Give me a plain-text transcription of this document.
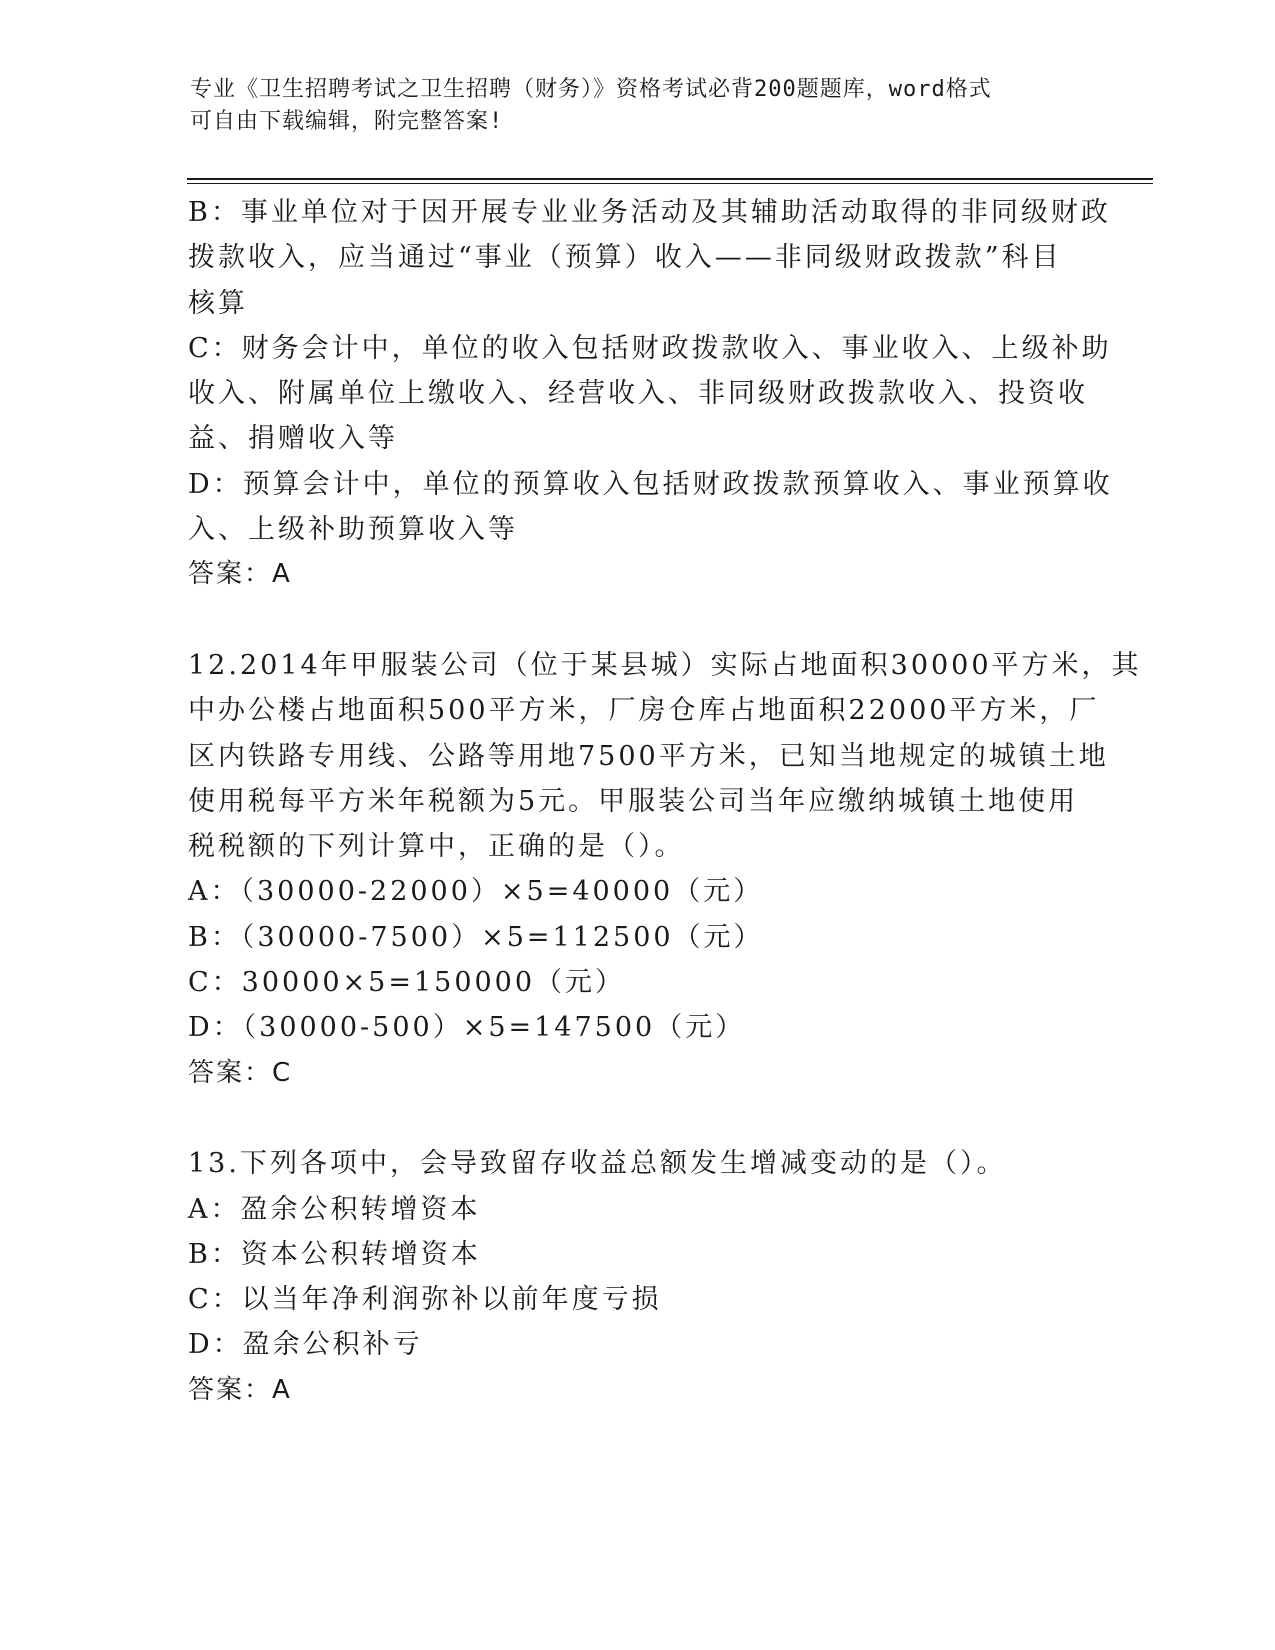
专业《卫生招聘考试之卫生招聘（财务）》资格考试必背200题题库，word格式
可自由下载编辑，附完整答案!
B：事业单位对于因开展专业业务活动及其辅助活动取得的非同级财政
拨款收入，应当通过“事业（预算）收入——非同级财政拨款”科目
核算
C：财务会计中，单位的收入包括财政拨款收入、事业收入、上级补助
收入、附属单位上缴收入、经营收入、非同级财政拨款收入、投资收
益、捐赠收入等
D：预算会计中，单位的预算收入包括财政拨款预算收入、事业预算收
入、上级补助预算收入等
答案：A
12.2014年甲服装公司（位于某县城）实际占地面积30000平方米，其
中办公楼占地面积500平方米，厂房仓库占地面积22000平方米，厂
区内铁路专用线、公路等用地7500平方米，已知当地规定的城镇土地
使用税每平方米年税额为5元。甲服装公司当年应缴纳城镇土地使用
税税额的下列计算中，正确的是（）。
A：（30000-22000）×5=40000（元）
B：（30000-7500）×5=112500（元）
C：30000×5=150000（元）
D：（30000-500）×5=147500（元）
答案：C
13.下列各项中，会导致留存收益总额发生增减变动的是（）。
A：盈余公积转增资本
B：资本公积转增资本
C：以当年净利润弥补以前年度亏损
D：盈余公积补亏
答案：A
